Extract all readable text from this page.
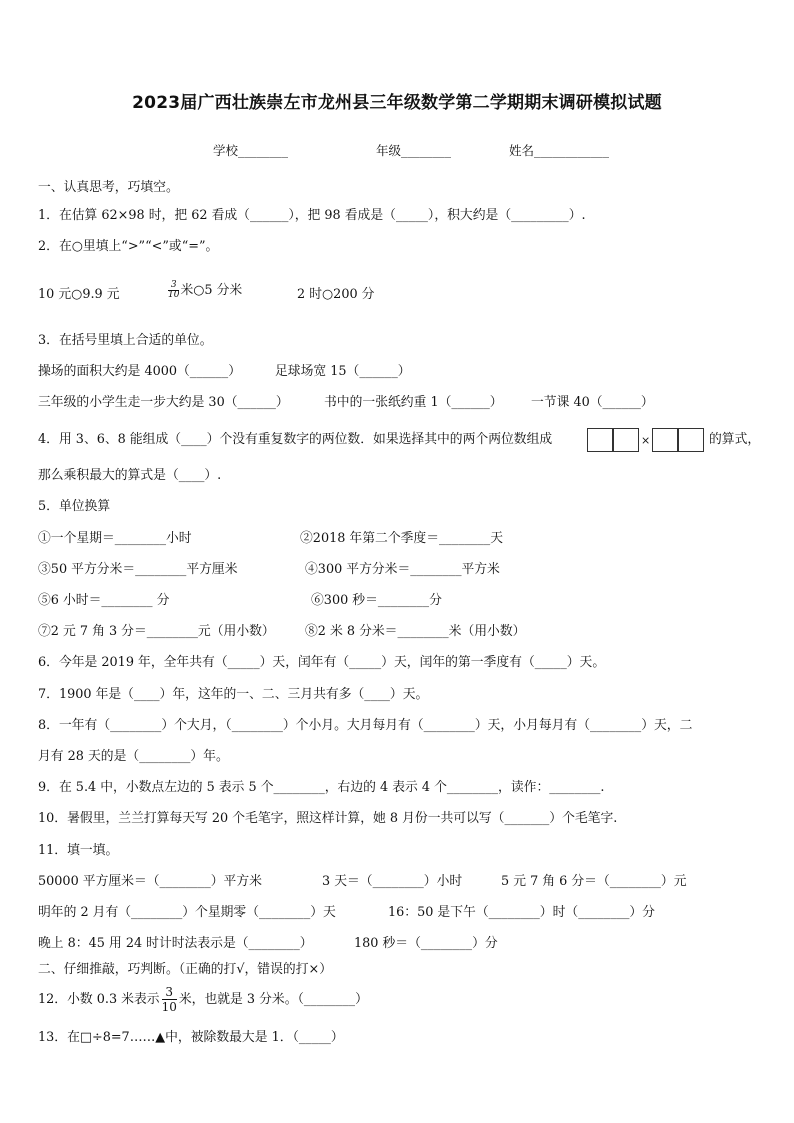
2023届广西壮族崇左市龙州县三年级数学第二学期期末调研模拟试题
学校________	年级________	姓名____________
一、认真思考，巧填空。
1．在估算 62×98 时，把 62 看成（______），把 98 看成是（_____），积大约是（_________）.
2．在○里填上“>”“<”或“=”。
10 元○9.9 元	$\frac{3}{10}$ 米○5 分米	2 时○200 分
3．在括号里填上合适的单位。
操场的面积大约是 4000（______）	足球场宽 15（______）
三年级的小学生走一步大约是 30（______）	书中的一张纸约重 1（______） 一节课 40（______）
4．用 3、6、8 能组成（____）个没有重复数字的两位数．如果选择其中的两个两位数组成	×	的算式，
那么乘积最大的算式是（____）.
5．单位换算
①一个星期＝________小时	②2018 年第二个季度＝________天
③50 平方分米＝________平方厘米	④300 平方分米＝________平方米
⑤6 小时＝________ 分	⑥300 秒＝________分
⑦2 元 7 角 3 分＝________元（用小数） ⑧2 米 8 分米＝________米（用小数）
6．今年是 2019 年，全年共有（_____）天，闰年有（_____）天，闰年的第一季度有（_____）天。
7．1900 年是（____）年，这年的一、二、三月共有多（____）天。
8．一年有（________）个大月，（________）个小月。大月每月有（________）天，小月每月有（________）天，二
月有 28 天的是（________）年。
9．在 5.4 中，小数点左边的 5 表示 5 个________，右边的 4 表示 4 个________，读作：________.
10．暑假里，兰兰打算每天写 20 个毛笔字，照这样计算，她 8 月份一共可以写（_______）个毛笔字.
11．填一填。
50000 平方厘米＝（________）平方米	3 天＝（________）小时	5 元 7 角 6 分＝（________）元
明年的 2 月有（________）个星期零（________）天	16：50 是下午（________）时（________）分
晚上 8：45 用 24 时计时法表示是（________）	180 秒＝（________）分
二、仔细推敲，巧判断。（正确的打√，错误的打×）
12．小数 0.3 米表示 $\frac{3}{10}$ 米，也就是 3 分米。（________）
13．在□÷8=7……▲中，被除数最大是 1．（_____）
